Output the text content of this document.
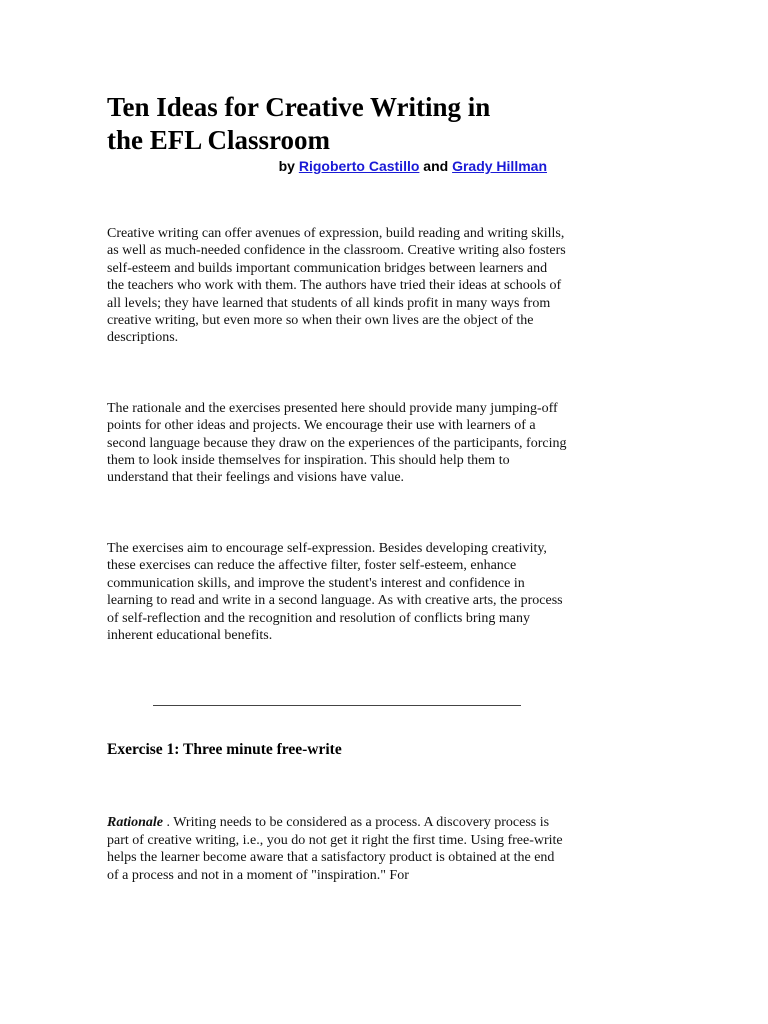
Ten Ideas for Creative Writing in
the EFL Classroom
by Rigoberto Castillo and Grady Hillman

Creative writing can offer avenues of expression, build reading and writing skills, as well as much-needed confidence in the classroom. Creative writing also fosters self-esteem and builds important communication bridges between learners and the teachers who work with them. The authors have tried their ideas at schools of all levels; they have learned that students of all kinds profit in many ways from creative writing, but even more so when their own lives are the object of the descriptions.

The rationale and the exercises presented here should provide many jumping-off points for other ideas and projects. We encourage their use with learners of a second language because they draw on the experiences of the participants, forcing them to look inside themselves for inspiration. This should help them to understand that their feelings and visions have value.

The exercises aim to encourage self-expression. Besides developing creativity, these exercises can reduce the affective filter, foster self-esteem, enhance communication skills, and improve the student's interest and confidence in learning to read and write in a second language. As with creative arts, the process of self-reflection and the recognition and resolution of conflicts bring many inherent educational benefits.

Exercise 1: Three minute free-write

Rationale . Writing needs to be considered as a process. A discovery process is part of creative writing, i.e., you do not get it right the first time. Using free-write helps the learner become aware that a satisfactory product is obtained at the end of a process and not in a moment of "inspiration." For
